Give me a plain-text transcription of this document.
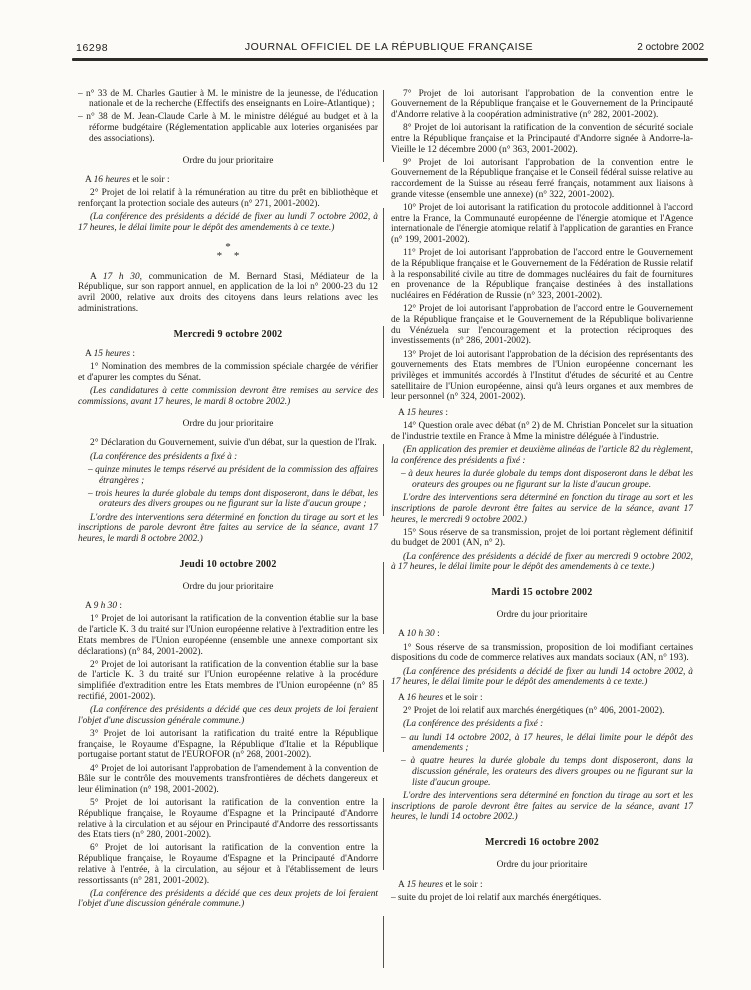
16298	JOURNAL OFFICIEL DE LA RÉPUBLIQUE FRANÇAISE	2 octobre 2002

– n° 33 de M. Charles Gautier à M. le ministre de la jeunesse, de l'éducation nationale et de la recherche (Effectifs des enseignants en Loire-Atlantique) ;

– n° 38 de M. Jean-Claude Carle à M. le ministre délégué au budget et à la réforme budgétaire (Réglementation applicable aux loteries organisées par des associations).

Ordre du jour prioritaire

A 16 heures et le soir :

2° Projet de loi relatif à la rémunération au titre du prêt en bibliothèque et renforçant la protection sociale des auteurs (n° 271, 2001-2002).

(La conférence des présidents a décidé de fixer au lundi 7 octobre 2002, à 17 heures, le délai limite pour le dépôt des amendements à ce texte.)

*
* *

A 17 h 30, communication de M. Bernard Stasi, Médiateur de la République, sur son rapport annuel, en application de la loi n° 2000-23 du 12 avril 2000, relative aux droits des citoyens dans leurs relations avec les administrations.

Mercredi 9 octobre 2002

A 15 heures :

1° Nomination des membres de la commission spéciale chargée de vérifier et d'apurer les comptes du Sénat.

(Les candidatures à cette commission devront être remises au service des commissions, avant 17 heures, le mardi 8 octobre 2002.)

Ordre du jour prioritaire

2° Déclaration du Gouvernement, suivie d'un débat, sur la question de l'Irak.

(La conférence des présidents a fixé à :

– quinze minutes le temps réservé au président de la commission des affaires étrangères ;

– trois heures la durée globale du temps dont disposeront, dans le débat, les orateurs des divers groupes ou ne figurant sur la liste d'aucun groupe ;

L'ordre des interventions sera déterminé en fonction du tirage au sort et les inscriptions de parole devront être faites au service de la séance, avant 17 heures, le mardi 8 octobre 2002.)

Jeudi 10 octobre 2002

Ordre du jour prioritaire

A 9 h 30 :

1° Projet de loi autorisant la ratification de la convention établie sur la base de l'article K. 3 du traité sur l'Union européenne relative à l'extradition entre les Etats membres de l'Union européenne (ensemble une annexe comportant six déclarations) (n° 84, 2001-2002).

2° Projet de loi autorisant la ratification de la convention établie sur la base de l'article K. 3 du traité sur l'Union européenne relative à la procédure simplifiée d'extradition entre les Etats membres de l'Union européenne (n° 85 rectifié, 2001-2002).

(La conférence des présidents a décidé que ces deux projets de loi feraient l'objet d'une discussion générale commune.)

3° Projet de loi autorisant la ratification du traité entre la République française, le Royaume d'Espagne, la République d'Italie et la République portugaise portant statut de l'EUROFOR (n° 268, 2001-2002).

4° Projet de loi autorisant l'approbation de l'amendement à la convention de Bâle sur le contrôle des mouvements transfrontières de déchets dangereux et leur élimination (n° 198, 2001-2002).

5° Projet de loi autorisant la ratification de la convention entre la République française, le Royaume d'Espagne et la Principauté d'Andorre relative à la circulation et au séjour en Principauté d'Andorre des ressortissants des Etats tiers (n° 280, 2001-2002).

6° Projet de loi autorisant la ratification de la convention entre la République française, le Royaume d'Espagne et la Principauté d'Andorre relative à l'entrée, à la circulation, au séjour et à l'établissement de leurs ressortissants (n° 281, 2001-2002).

(La conférence des présidents a décidé que ces deux projets de loi feraient l'objet d'une discussion générale commune.)

7° Projet de loi autorisant l'approbation de la convention entre le Gouvernement de la République française et le Gouvernement de la Principauté d'Andorre relative à la coopération administrative (n° 282, 2001-2002).

8° Projet de loi autorisant la ratification de la convention de sécurité sociale entre la République française et la Principauté d'Andorre signée à Andorre-la-Vieille le 12 décembre 2000 (n° 363, 2001-2002).

9° Projet de loi autorisant l'approbation de la convention entre le Gouvernement de la République française et le Conseil fédéral suisse relative au raccordement de la Suisse au réseau ferré français, notamment aux liaisons à grande vitesse (ensemble une annexe) (n° 322, 2001-2002).

10° Projet de loi autorisant la ratification du protocole additionnel à l'accord entre la France, la Communauté européenne de l'énergie atomique et l'Agence internationale de l'énergie atomique relatif à l'application de garanties en France (n° 199, 2001-2002).

11° Projet de loi autorisant l'approbation de l'accord entre le Gouvernement de la République française et le Gouvernement de la Fédération de Russie relatif à la responsabilité civile au titre de dommages nucléaires du fait de fournitures en provenance de la République française destinées à des installations nucléaires en Fédération de Russie (n° 323, 2001-2002).

12° Projet de loi autorisant l'approbation de l'accord entre le Gouvernement de la République française et le Gouvernement de la République bolivarienne du Vénézuela sur l'encouragement et la protection réciproques des investissements (n° 286, 2001-2002).

13° Projet de loi autorisant l'approbation de la décision des représentants des gouvernements des Etats membres de l'Union européenne concernant les privilèges et immunités accordés à l'Institut d'études de sécurité et au Centre satellitaire de l'Union européenne, ainsi qu'à leurs organes et aux membres de leur personnel (n° 324, 2001-2002).

A 15 heures :

14° Question orale avec débat (n° 2) de M. Christian Poncelet sur la situation de l'industrie textile en France à Mme la ministre déléguée à l'industrie.

(En application des premier et deuxième alinéas de l'article 82 du règlement, la conférence des présidents a fixé :

– à deux heures la durée globale du temps dont disposeront dans le débat les orateurs des groupes ou ne figurant sur la liste d'aucun groupe.

L'ordre des interventions sera déterminé en fonction du tirage au sort et les inscriptions de parole devront être faites au service de la séance, avant 17 heures, le mercredi 9 octobre 2002.)

15° Sous réserve de sa transmission, projet de loi portant règlement définitif du budget de 2001 (AN, n° 2).

(La conférence des présidents a décidé de fixer au mercredi 9 octobre 2002, à 17 heures, le délai limite pour le dépôt des amendements à ce texte.)

Mardi 15 octobre 2002

Ordre du jour prioritaire

A 10 h 30 :

1° Sous réserve de sa transmission, proposition de loi modifiant certaines dispositions du code de commerce relatives aux mandats sociaux (AN, n° 193).

(La conférence des présidents a décidé de fixer au lundi 14 octobre 2002, à 17 heures, le délai limite pour le dépôt des amendements à ce texte.)

A 16 heures et le soir :

2° Projet de loi relatif aux marchés énergétiques (n° 406, 2001-2002).

(La conférence des présidents a fixé :

– au lundi 14 octobre 2002, à 17 heures, le délai limite pour le dépôt des amendements ;

– à quatre heures la durée globale du temps dont disposeront, dans la discussion générale, les orateurs des divers groupes ou ne figurant sur la liste d'aucun groupe.

L'ordre des interventions sera déterminé en fonction du tirage au sort et les inscriptions de parole devront être faites au service de la séance, avant 17 heures, le lundi 14 octobre 2002.)

Mercredi 16 octobre 2002

Ordre du jour prioritaire

A 15 heures et le soir :

– suite du projet de loi relatif aux marchés énergétiques.
